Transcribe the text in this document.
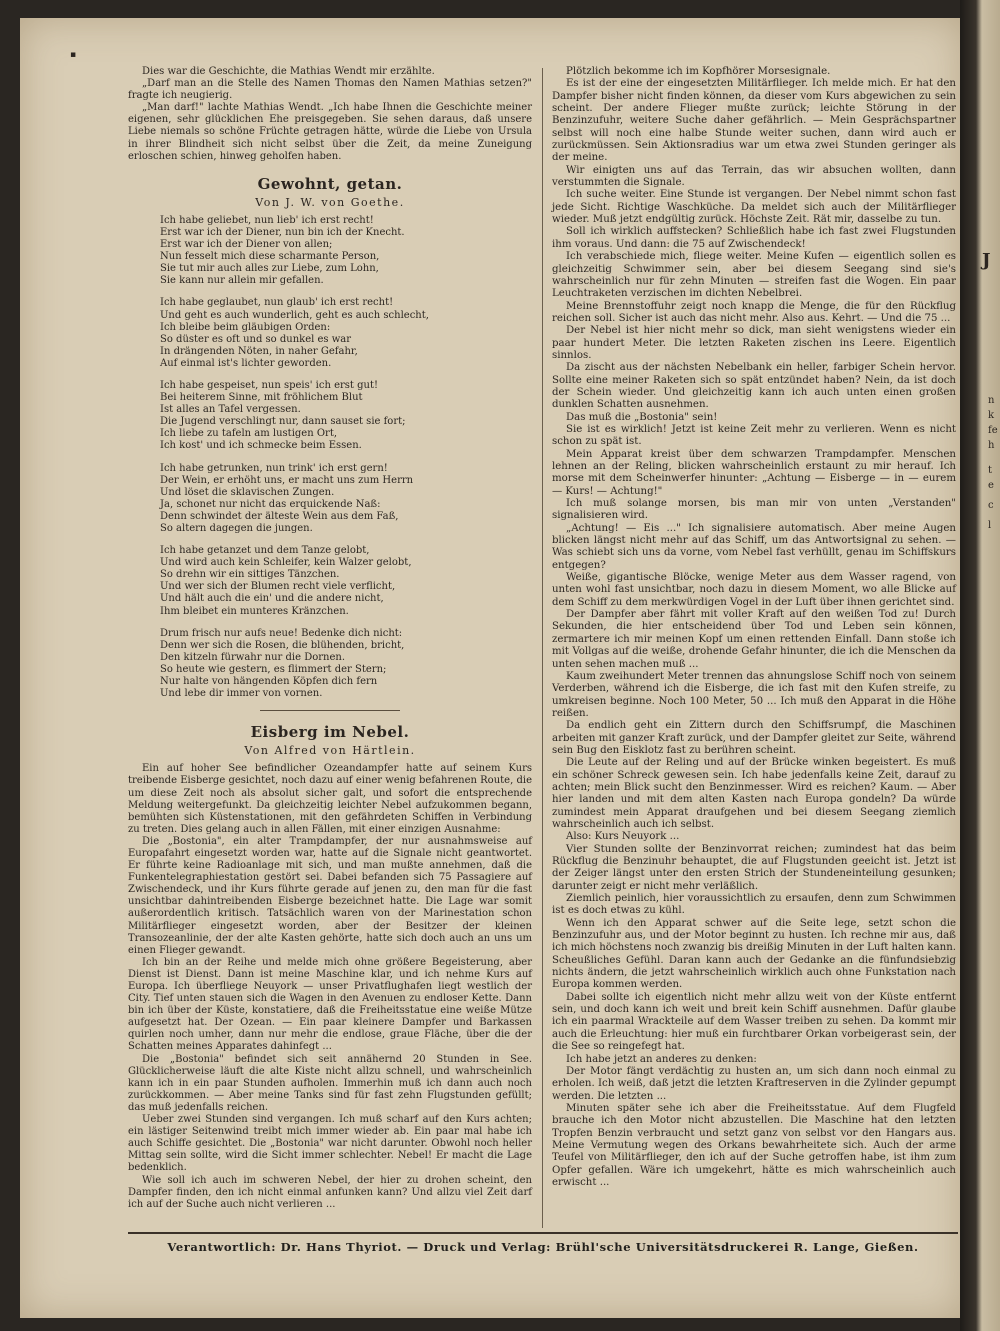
▪

Dies war die Geschichte, die Mathias Wendt mir erzählte.

„Darf man an die Stelle des Namen Thomas den Namen Mathias setzen?" fragte ich neugierig.

„Man darf!" lachte Mathias Wendt. „Ich habe Ihnen die Geschichte meiner eigenen, sehr glücklichen Ehe preisgegeben. Sie sehen daraus, daß unsere Liebe niemals so schöne Früchte getragen hätte, würde die Liebe von Ursula in ihrer Blindheit sich nicht selbst über die Zeit, da meine Zuneigung erloschen schien, hinweg geholfen haben.

Gewohnt, getan.
Von J. W. von Goethe.
Ich habe geliebet, nun lieb' ich erst recht!
Erst war ich der Diener, nun bin ich der Knecht.
Erst war ich der Diener von allen;
Nun fesselt mich diese scharmante Person,
Sie tut mir auch alles zur Liebe, zum Lohn,
Sie kann nur allein mir gefallen.
Ich habe geglaubet, nun glaub' ich erst recht!
Und geht es auch wunderlich, geht es auch schlecht,
Ich bleibe beim gläubigen Orden:
So düster es oft und so dunkel es war
In drängenden Nöten, in naher Gefahr,
Auf einmal ist's lichter geworden.
Ich habe gespeiset, nun speis' ich erst gut!
Bei heiterem Sinne, mit fröhlichem Blut
Ist alles an Tafel vergessen.
Die Jugend verschlingt nur, dann sauset sie fort;
Ich liebe zu tafeln am lustigen Ort,
Ich kost' und ich schmecke beim Essen.
Ich habe getrunken, nun trink' ich erst gern!
Der Wein, er erhöht uns, er macht uns zum Herrn
Und löset die sklavischen Zungen.
Ja, schonet nur nicht das erquickende Naß:
Denn schwindet der älteste Wein aus dem Faß,
So altern dagegen die jungen.
Ich habe getanzet und dem Tanze gelobt,
Und wird auch kein Schleifer, kein Walzer gelobt,
So drehn wir ein sittiges Tänzchen.
Und wer sich der Blumen recht viele verflicht,
Und hält auch die ein' und die andere nicht,
Ihm bleibet ein munteres Kränzchen.
Drum frisch nur aufs neue! Bedenke dich nicht:
Denn wer sich die Rosen, die blühenden, bricht,
Den kitzeln fürwahr nur die Dornen.
So heute wie gestern, es flimmert der Stern;
Nur halte von hängenden Köpfen dich fern
Und lebe dir immer von vornen.
Eisberg im Nebel.
Von Alfred von Härtlein.

Ein auf hoher See befindlicher Ozeandampfer hatte auf seinem Kurs treibende Eisberge gesichtet, noch dazu auf einer wenig befahrenen Route, die um diese Zeit noch als absolut sicher galt, und sofort die entsprechende Meldung weitergefunkt. Da gleichzeitig leichter Nebel aufzukommen begann, bemühten sich Küstenstationen, mit den gefährdeten Schiffen in Verbindung zu treten. Dies gelang auch in allen Fällen, mit einer einzigen Ausnahme:

Die „Bostonia", ein alter Trampdampfer, der nur ausnahmsweise auf Europafahrt eingesetzt worden war, hatte auf die Signale nicht geantwortet. Er führte keine Radioanlage mit sich, und man mußte annehmen, daß die Funkentelegraphiestation gestört sei. Dabei befanden sich 75 Passagiere auf Zwischendeck, und ihr Kurs führte gerade auf jenen zu, den man für die fast unsichtbar dahintreibenden Eisberge bezeichnet hatte. Die Lage war somit außerordentlich kritisch. Tatsächlich waren von der Marinestation schon Militärflieger eingesetzt worden, aber der Besitzer der kleinen Transozeanlinie, der der alte Kasten gehörte, hatte sich doch auch an uns um einen Flieger gewandt.

Ich bin an der Reihe und melde mich ohne größere Begeisterung, aber Dienst ist Dienst. Dann ist meine Maschine klar, und ich nehme Kurs auf Europa. Ich überfliege Neuyork — unser Privatflughafen liegt westlich der City. Tief unten stauen sich die Wagen in den Avenuen zu endloser Kette. Dann bin ich über der Küste, konstatiere, daß die Freiheitsstatue eine weiße Mütze aufgesetzt hat. Der Ozean. — Ein paar kleinere Dampfer und Barkassen quirlen noch umher, dann nur mehr die endlose, graue Fläche, über die der Schatten meines Apparates dahinfegt ...

Die „Bostonia" befindet sich seit annähernd 20 Stunden in See. Glücklicherweise läuft die alte Kiste nicht allzu schnell, und wahrscheinlich kann ich in ein paar Stunden aufholen. Immerhin muß ich dann auch noch zurückkommen. — Aber meine Tanks sind für fast zehn Flugstunden gefüllt; das muß jedenfalls reichen.

Ueber zwei Stunden sind vergangen. Ich muß scharf auf den Kurs achten; ein lästiger Seitenwind treibt mich immer wieder ab. Ein paar mal habe ich auch Schiffe gesichtet. Die „Bostonia" war nicht darunter. Obwohl noch heller Mittag sein sollte, wird die Sicht immer schlechter. Nebel! Er macht die Lage bedenklich.

Wie soll ich auch im schweren Nebel, der hier zu drohen scheint, den Dampfer finden, den ich nicht einmal anfunken kann? Und allzu viel Zeit darf ich auf der Suche auch nicht verlieren ...

Plötzlich bekomme ich im Kopfhörer Morsesignale.

Es ist der eine der eingesetzten Militärflieger. Ich melde mich. Er hat den Dampfer bisher nicht finden können, da dieser vom Kurs abgewichen zu sein scheint. Der andere Flieger mußte zurück; leichte Störung in der Benzinzufuhr, weitere Suche daher gefährlich. — Mein Gesprächspartner selbst will noch eine halbe Stunde weiter suchen, dann wird auch er zurückmüssen. Sein Aktionsradius war um etwa zwei Stunden geringer als der meine.

Wir einigten uns auf das Terrain, das wir absuchen wollten, dann verstummten die Signale.

Ich suche weiter. Eine Stunde ist vergangen. Der Nebel nimmt schon fast jede Sicht. Richtige Waschküche. Da meldet sich auch der Militärflieger wieder. Muß jetzt endgültig zurück. Höchste Zeit. Rät mir, dasselbe zu tun.

Soll ich wirklich auffstecken? Schließlich habe ich fast zwei Flugstunden ihm voraus. Und dann: die 75 auf Zwischendeck!

Ich verabschiede mich, fliege weiter. Meine Kufen — eigentlich sollen es gleichzeitig Schwimmer sein, aber bei diesem Seegang sind sie's wahrscheinlich nur für zehn Minuten — streifen fast die Wogen. Ein paar Leuchtraketen verzischen im dichten Nebelbrei.

Meine Brennstoffuhr zeigt noch knapp die Menge, die für den Rückflug reichen soll. Sicher ist auch das nicht mehr. Also aus. Kehrt. — Und die 75 ...

Der Nebel ist hier nicht mehr so dick, man sieht wenigstens wieder ein paar hundert Meter. Die letzten Raketen zischen ins Leere. Eigentlich sinnlos.

Da zischt aus der nächsten Nebelbank ein heller, farbiger Schein hervor. Sollte eine meiner Raketen sich so spät entzündet haben? Nein, da ist doch der Schein wieder. Und gleichzeitig kann ich auch unten einen großen dunklen Schatten ausnehmen.

Das muß die „Bostonia" sein!

Sie ist es wirklich! Jetzt ist keine Zeit mehr zu verlieren. Wenn es nicht schon zu spät ist.

Mein Apparat kreist über dem schwarzen Trampdampfer. Menschen lehnen an der Reling, blicken wahrscheinlich erstaunt zu mir herauf. Ich morse mit dem Scheinwerfer hinunter: „Achtung — Eisberge — in — eurem — Kurs! — Achtung!"

Ich muß solange morsen, bis man mir von unten „Verstanden" signalisieren wird.

„Achtung! — Eis ..." Ich signalisiere automatisch. Aber meine Augen blicken längst nicht mehr auf das Schiff, um das Antwortsignal zu sehen. — Was schiebt sich uns da vorne, vom Nebel fast verhüllt, genau im Schiffskurs entgegen?

Weiße, gigantische Blöcke, wenige Meter aus dem Wasser ragend, von unten wohl fast unsichtbar, noch dazu in diesem Moment, wo alle Blicke auf dem Schiff zu dem merkwürdigen Vogel in der Luft über ihnen gerichtet sind.

Der Dampfer aber fährt mit voller Kraft auf den weißen Tod zu! Durch Sekunden, die hier entscheidend über Tod und Leben sein können, zermartere ich mir meinen Kopf um einen rettenden Einfall. Dann stoße ich mit Vollgas auf die weiße, drohende Gefahr hinunter, die ich die Menschen da unten sehen machen muß ...

Kaum zweihundert Meter trennen das ahnungslose Schiff noch von seinem Verderben, während ich die Eisberge, die ich fast mit den Kufen streife, zu umkreisen beginne. Noch 100 Meter, 50 ... Ich muß den Apparat in die Höhe reißen.

Da endlich geht ein Zittern durch den Schiffsrumpf, die Maschinen arbeiten mit ganzer Kraft zurück, und der Dampfer gleitet zur Seite, während sein Bug den Eisklotz fast zu berühren scheint.

Die Leute auf der Reling und auf der Brücke winken begeistert. Es muß ein schöner Schreck gewesen sein. Ich habe jedenfalls keine Zeit, darauf zu achten; mein Blick sucht den Benzinmesser. Wird es reichen? Kaum. — Aber hier landen und mit dem alten Kasten nach Europa gondeln? Da würde zumindest mein Apparat draufgehen und bei diesem Seegang ziemlich wahrscheinlich auch ich selbst.

Also: Kurs Neuyork ...

Vier Stunden sollte der Benzinvorrat reichen; zumindest hat das beim Rückflug die Benzinuhr behauptet, die auf Flugstunden geeicht ist. Jetzt ist der Zeiger längst unter den ersten Strich der Stundeneinteilung gesunken; darunter zeigt er nicht mehr verläßlich.

Ziemlich peinlich, hier voraussichtlich zu ersaufen, denn zum Schwimmen ist es doch etwas zu kühl.

Wenn ich den Apparat schwer auf die Seite lege, setzt schon die Benzinzufuhr aus, und der Motor beginnt zu husten. Ich rechne mir aus, daß ich mich höchstens noch zwanzig bis dreißig Minuten in der Luft halten kann. Scheußliches Gefühl. Daran kann auch der Gedanke an die fünfundsiebzig nichts ändern, die jetzt wahrscheinlich wirklich auch ohne Funkstation nach Europa kommen werden.

Dabei sollte ich eigentlich nicht mehr allzu weit von der Küste entfernt sein, und doch kann ich weit und breit kein Schiff ausnehmen. Dafür glaube ich ein paarmal Wrackteile auf dem Wasser treiben zu sehen. Da kommt mir auch die Erleuchtung: hier muß ein furchtbarer Orkan vorbeigerast sein, der die See so reingefegt hat.

Ich habe jetzt an anderes zu denken:

Der Motor fängt verdächtig zu husten an, um sich dann noch einmal zu erholen. Ich weiß, daß jetzt die letzten Kraftreserven in die Zylinder gepumpt werden. Die letzten ...

Minuten später sehe ich aber die Freiheitsstatue. Auf dem Flugfeld brauche ich den Motor nicht abzustellen. Die Maschine hat den letzten Tropfen Benzin verbraucht und setzt ganz von selbst vor den Hangars aus. Meine Vermutung wegen des Orkans bewahrheitete sich. Auch der arme Teufel von Militärflieger, den ich auf der Suche getroffen habe, ist ihm zum Opfer gefallen. Wäre ich umgekehrt, hätte es mich wahrscheinlich auch erwischt ...

Verantwortlich: Dr. Hans Thyriot. — Druck und Verlag: Brühl'sche Universitätsdruckerei R. Lange, Gießen.
J
n
k
fe
h
t
e
c
l
